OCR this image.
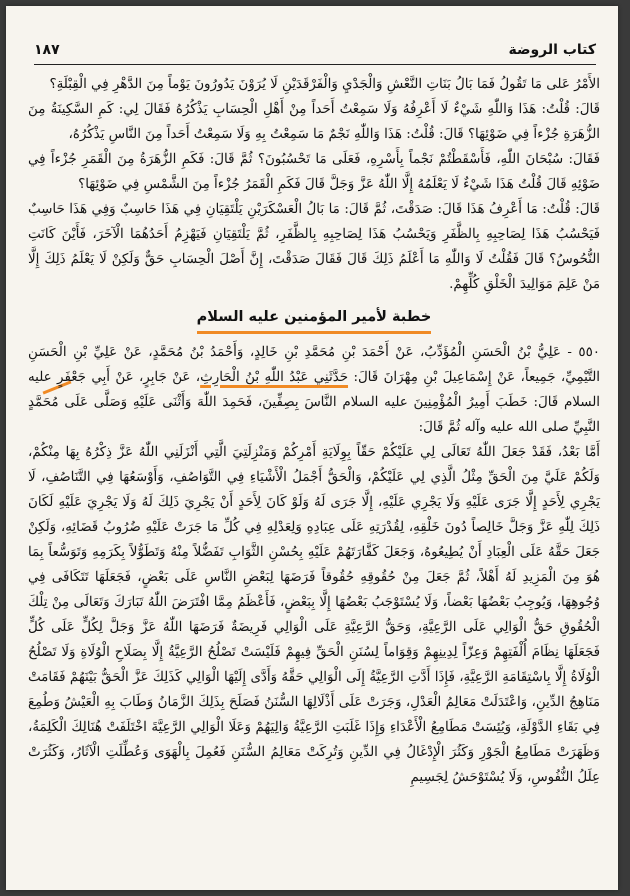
كتاب الروضة
١٨٧

الأَمْرُ عَلى مَا تَقُولُ فَمَا بَالُ بَنَاتِ النَّعْشِ وَالْجَدْيِ وَالْفَرْقَدَيْنِ لَا يُرَوْنَ يَدُورُونَ يَوْماً مِنَ الدَّهْرِ فِي الْقِبْلَةِ؟

قَالَ: قُلْتُ: هَذَا وَاللّٰهِ شَيْءٌ لَا أَعْرِفُهُ وَلَا سَمِعْتُ أَحَداً مِنْ أَهْلِ الْحِسَابِ يَذْكُرُهُ فَقَالَ لِي: كَمِ السَّكِينَةُ مِنَ الزُّهَرَةِ جُزْءاً فِي ضَوْئِهَا؟ قَالَ: قُلْتُ: هَذَا وَاللّٰهِ نَجْمٌ مَا سَمِعْتُ بِهِ وَلَا سَمِعْتُ أَحَداً مِنَ النَّاسِ يَذْكُرُهُ،

فَقَالَ: سُبْحَانَ اللّٰهِ، فَأَسْقَطْتُمْ نَجْماً بِأَسْرِهِ، فَعَلَى مَا تَحْسُبُونَ؟ ثُمَّ قَالَ: فَكَمِ الزُّهَرَةُ مِنَ الْقَمَرِ جُزْءاً فِي ضَوْئِهِ قَالَ قُلْتُ هَذَا شَيْءٌ لَا يَعْلَمُهُ إِلَّا اللّٰهُ عَزَّ وَجَلَّ قَالَ فَكَمِ الْقَمَرُ جُزْءاً مِنَ الشَّمْسِ فِي ضَوْئِهَا؟

قَالَ: قُلْتُ: مَا أَعْرِفُ هَذَا قَالَ: صَدَقْتَ، ثُمَّ قَالَ: مَا بَالُ الْعَسْكَرَيْنِ يَلْتَقِيَانِ فِي هَذَا حَاسِبٌ وَفِي هَذَا حَاسِبٌ فَيَحْسُبُ هَذَا لِصَاحِبِهِ بِالظَّفَرِ وَيَحْسُبُ هَذَا لِصَاحِبِهِ بِالظَّفَرِ، ثُمَّ يَلْتَقِيَانِ فَيَهْزِمُ أَحَدُهُمَا الْآخَرَ، فَأَيْنَ كَانَتِ النُّحُوسُ؟ قَالَ فَقُلْتُ لَا وَاللّٰهِ مَا أَعْلَمُ ذَلِكَ قَالَ فَقَالَ صَدَقْتَ، إِنَّ أَصْلَ الْحِسَابِ حَقٌّ وَلَكِنْ لَا يَعْلَمُ ذَلِكَ إِلَّا مَنْ عَلِمَ مَوَالِيدَ الْخَلْقِ كُلِّهِمْ.

خطبة لأمير المؤمنين عليه السلام

٥٥٠ - عَلِيُّ بْنُ الْحَسَنِ الْمُؤَدِّبُ، عَنْ أَحْمَدَ بْنِ مُحَمَّدِ بْنِ خَالِدٍ، وَأَحْمَدُ بْنُ مُحَمَّدٍ، عَنْ عَلِيِّ بْنِ الْحَسَنِ التَّيْمِيِّ، جَمِيعاً، عَنْ إِسْمَاعِيلَ بْنِ مِهْرَانَ قَالَ: حَدَّثَنِي عَبْدُ اللّٰهِ بْنُ الْحَارِثِ، عَنْ جَابِرٍ، عَنْ أَبِي جَعْفَرٍ عليه السلام قَالَ: خَطَبَ أَمِيرُ الْمُؤْمِنِينَ عليه السلام النَّاسَ بِصِفِّينَ، فَحَمِدَ اللّٰهَ وَأَثْنَى عَلَيْهِ وَصَلَّى عَلَى مُحَمَّدٍ النَّبِيِّ صلى الله عليه وآله ثُمَّ قَالَ:

أَمَّا بَعْدُ، فَقَدْ جَعَلَ اللّٰهُ تَعَالَى لِي عَلَيْكُمْ حَقّاً بِوِلَايَةِ أَمْرِكُمْ وَمَنْزِلَتِيَ الَّتِي أَنْزَلَنِي اللّٰهُ عَزَّ ذِكْرُهُ بِهَا مِنْكُمْ، وَلَكُمْ عَلَيَّ مِنَ الْحَقِّ مِثْلُ الَّذِي لِي عَلَيْكُمْ، وَالْحَقُّ أَجْمَلُ الْأَشْيَاءِ فِي التَّوَاصُفِ، وَأَوْسَعُهَا فِي التَّنَاصُفِ، لَا يَجْرِي لِأَحَدٍ إِلَّا جَرَى عَلَيْهِ وَلَا يَجْرِي عَلَيْهِ، إِلَّا جَرَى لَهُ وَلَوْ كَانَ لِأَحَدٍ أَنْ يَجْرِيَ ذَلِكَ لَهُ وَلَا يَجْرِيَ عَلَيْهِ لَكَانَ ذَلِكَ لِلّٰهِ عَزَّ وَجَلَّ خَالِصاً دُونَ خَلْقِهِ، لِقُدْرَتِهِ عَلَى عِبَادِهِ وَلِعَدْلِهِ فِي كُلِّ مَا جَرَتْ عَلَيْهِ ضُرُوبُ قَضَائِهِ، وَلَكِنْ جَعَلَ حَقَّهُ عَلَى الْعِبَادِ أَنْ يُطِيعُوهُ، وَجَعَلَ كَفَّارَتَهُمْ عَلَيْهِ بِحُسْنِ الثَّوَابِ تَفَضُّلاً مِنْهُ وَتَطَوُّلاً بِكَرَمِهِ وَتَوَسُّعاً بِمَا هُوَ مِنَ الْمَزِيدِ لَهُ أَهْلاً، ثُمَّ جَعَلَ مِنْ حُقُوقِهِ حُقُوقاً فَرَضَهَا لِبَعْضِ النَّاسِ عَلَى بَعْضٍ، فَجَعَلَهَا تَتَكَافَى فِي وُجُوهِهَا، وَيُوجِبُ بَعْضُهَا بَعْضاً، وَلَا يُسْتَوْجَبُ بَعْضُهَا إِلَّا بِبَعْضٍ، فَأَعْظَمُ مِمَّا افْتَرَضَ اللّٰهُ تَبَارَكَ وَتَعَالَى مِنْ تِلْكَ الْحُقُوقِ حَقُّ الْوَالِي عَلَى الرَّعِيَّةِ، وَحَقُّ الرَّعِيَّةِ عَلَى الْوَالِي فَرِيضَةٌ فَرَضَهَا اللّٰهُ عَزَّ وَجَلَّ لِكُلٍّ عَلَى كُلٍّ فَجَعَلَهَا نِظَامَ أُلْفَتِهِمْ وَعِزّاً لِدِينِهِمْ وَقِوَاماً لِسُنَنِ الْحَقِّ فِيهِمْ فَلَيْسَتْ تَصْلُحُ الرَّعِيَّةُ إِلَّا بِصَلَاحِ الْوُلَاةِ وَلَا تَصْلُحُ الْوُلَاةُ إِلَّا بِاسْتِقَامَةِ الرَّعِيَّةِ، فَإِذَا أَدَّتِ الرَّعِيَّةُ إِلَى الْوَالِي حَقَّهُ وَأَدَّى إِلَيْهَا الْوَالِي كَذَلِكَ عَزَّ الْحَقُّ بَيْنَهُمْ فَقَامَتْ مَنَاهِجُ الدِّينِ، وَاعْتَدَلَتْ مَعَالِمُ الْعَدْلِ، وَجَرَتْ عَلَى أَذْلَالِهَا السُّنَنُ فَصَلَحَ بِذَلِكَ الزَّمَانُ وَطَابَ بِهِ الْعَيْشُ وَطُمِعَ فِي بَقَاءِ الدَّوْلَةِ، وَيُئِسَتْ مَطَامِعُ الْأَعْدَاءِ وَإِذَا غَلَبَتِ الرَّعِيَّةُ وَالِيَهُمْ وَعَلَا الْوَالِي الرَّعِيَّةَ اخْتَلَفَتْ هُنَالِكَ الْكَلِمَةُ، وَظَهَرَتْ مَطَامِعُ الْجَوْرِ وَكَثُرَ الْإِدْغَالُ فِي الدِّينِ وَتُرِكَتْ مَعَالِمُ السُّنَنِ فَعُمِلَ بِالْهَوَى وَعُطِّلَتِ الْآثَارُ، وَكَثُرَتْ عِلَلُ النُّفُوسِ، وَلَا يُسْتَوْحَشُ لِجَسِيمِ
